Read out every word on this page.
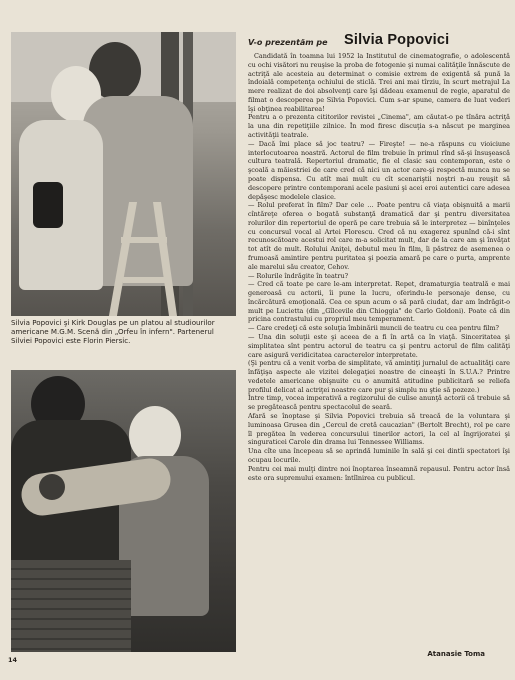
Silvia Popovici şi Kirk Douglas pe un platou al studiourilor americane M.G.M. Scenă din „Orfeu în infern". Partenerul Silviei Popovici este Florin Piersic.

V-o prezentăm pe Silvia Popovici

Candidată în toamna lui 1952 la Institutul de cinematografie, o adolescentă cu ochi visători nu reuşise la proba de fotogenie şi numai calităţile înnăscute de actriţă ale acesteia au determinat o comisie extrem de exigentă să pună la îndoială competenţa ochiului de sticlă. Trei ani mai tîrziu, în scurt metrajul La mere realizat de doi absolvenţi care îşi dădeau examenul de regie, aparatul de filmat o descoperea pe Silvia Popovici. Cum s-ar spune, camera de luat vederi îşi obţinea reabilitarea!

Pentru a o prezenta cititorilor revistei „Cinema", am căutat-o pe tînăra actriţă la una din repetiţiile zilnice. În mod firesc discuţia s-a născut pe marginea activităţii teatrale.

— Dacă îmi place să joc teatru? — Fireşte! — ne-a răspuns cu vioiciune interlocutoarea noastră. Actorul de film trebuie în primul rînd să-şi însuşească cultura teatrală. Repertoriul dramatic, fie el clasic sau contemporan, este o şcoală a măiestriei de care cred că nici un actor care-şi respectă munca nu se poate dispensa. Cu atît mai mult cu cît scenariştii noştri n-au reuşit să descopere printre contemporani acele pasiuni şi acei eroi autentici care adesea depăşesc modelele clasice.

— Rolul preferat în film? Dar cele … Poate pentru că viaţa obişnuită a marii cîntăreţe oferea o bogată substanţă dramatică dar şi pentru diversitatea rolurilor din repertoriul de operă pe care trebuia să le interpretez — binînţeles cu concursul vocal al Artei Florescu. Cred că nu exagerez spunînd că-i sînt recunoscătoare acestui rol care m-a solicitat mult, dar de la care am şi învăţat tot atît de mult. Rolului Aniţei, debutul meu în film, îi păstrez de asemenea o frumoasă amintire pentru puritatea şi poezia amară pe care o purta, amprente ale marelui său creator, Cehov.

— Rolurile îndrăgite în teatru?

— Cred că toate pe care le-am interpretat. Repet, dramaturgia teatrală e mai generoasă cu actorii, îi pune la lucru, oferindu-le personaje dense, cu încărcătură emoţională. Cea ce spun acum o să pară ciudat, dar am îndrăgit-o mult pe Lucietta (din „Gîlcevile din Chioggia" de Carlo Goldoni). Poate că din pricina contrastului cu propriul meu temperament.

— Care credeţi că este soluţia îmbinării muncii de teatru cu cea pentru film?

— Una din soluţii este şi aceea de a fi în artă ca în viaţă. Sinceritatea şi simplitatea sînt pentru actorul de teatru ca şi pentru actorul de film calităţi care asigură veridicitatea caracterelor interpretate.

(Şi pentru că a venit vorba de simplitate, vă amintiţi jurnalul de actualităţi care înfăţişa aspecte ale vizitei delegaţiei noastre de cineaşti în S.U.A.? Printre vedetele americane obişnuite cu o anumită atitudine publicitară se reliefa profilul delicat al actriţei noastre care pur şi simplu nu ştie să pozeze.)

Între timp, vocea imperativă a regizorului de culise anunţă actorii că trebuie să se pregătească pentru spectacolul de seară.

Afară se înoptase şi Silvia Popovici trebuia să treacă de la voluntara şi luminoasa Grusea din „Cercul de cretă caucazian" (Bertolt Brecht), rol pe care îl pregătea în vederea concursului tinerilor actori, la cel al îngrijoratei şi singuraticei Carole din drama lui Tennessee Williams.

Una cîte una începeau să se aprindă luminile în sală şi cei dintîi spectatori îşi ocupau locurile.

Pentru cei mai mulţi dintre noi înoptarea înseamnă repausul. Pentru actor însă este ora supremului examen: întîlnirea cu publicul.

Atanasie Toma
14
